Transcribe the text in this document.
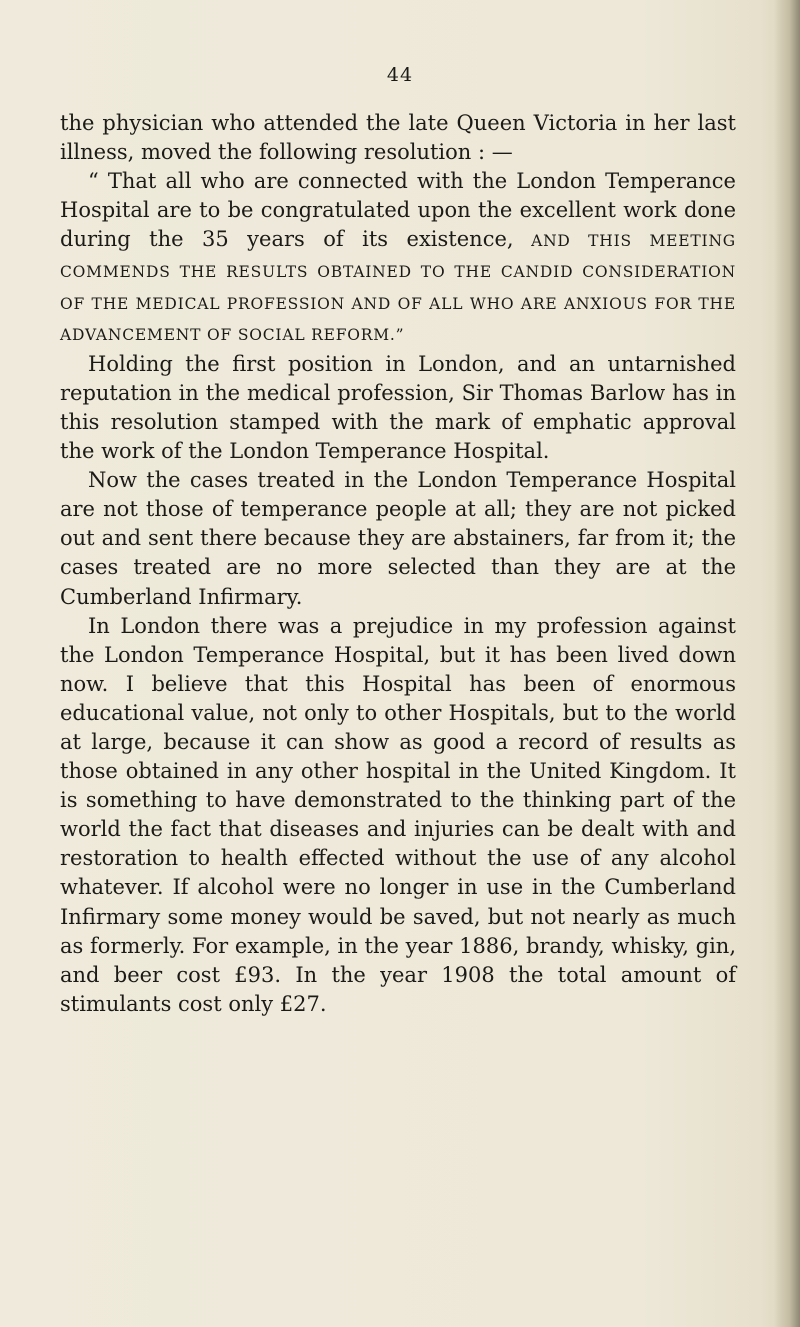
44

the physician who attended the late Queen Victoria in her last illness, moved the following resolution : —

“ That all who are connected with the London Temperance Hospital are to be congratulated upon the excellent work done during the 35 years of its existence, AND THIS MEETING COMMENDS THE RESULTS OBTAINED TO THE CANDID CONSIDERATION OF THE MEDICAL PROFESSION AND OF ALL WHO ARE ANXIOUS FOR THE ADVANCEMENT OF SOCIAL REFORM.”

Holding the first position in London, and an untarnished reputation in the medical profession, Sir Thomas Barlow has in this resolution stamped with the mark of emphatic approval the work of the London Temperance Hospital.

Now the cases treated in the London Temperance Hospital are not those of temperance people at all; they are not picked out and sent there because they are abstainers, far from it; the cases treated are no more selected than they are at the Cumberland Infirmary.

In London there was a prejudice in my profession against the London Temperance Hospital, but it has been lived down now. I believe that this Hospital has been of enormous educational value, not only to other Hospitals, but to the world at large, because it can show as good a record of results as those obtained in any other hospital in the United Kingdom. It is something to have demonstrated to the thinking part of the world the fact that diseases and injuries can be dealt with and restoration to health effected without the use of any alcohol whatever. If alcohol were no longer in use in the Cumberland Infirmary some money would be saved, but not nearly as much as formerly. For example, in the year 1886, brandy, whisky, gin, and beer cost £93. In the year 1908 the total amount of stimulants cost only £27.
